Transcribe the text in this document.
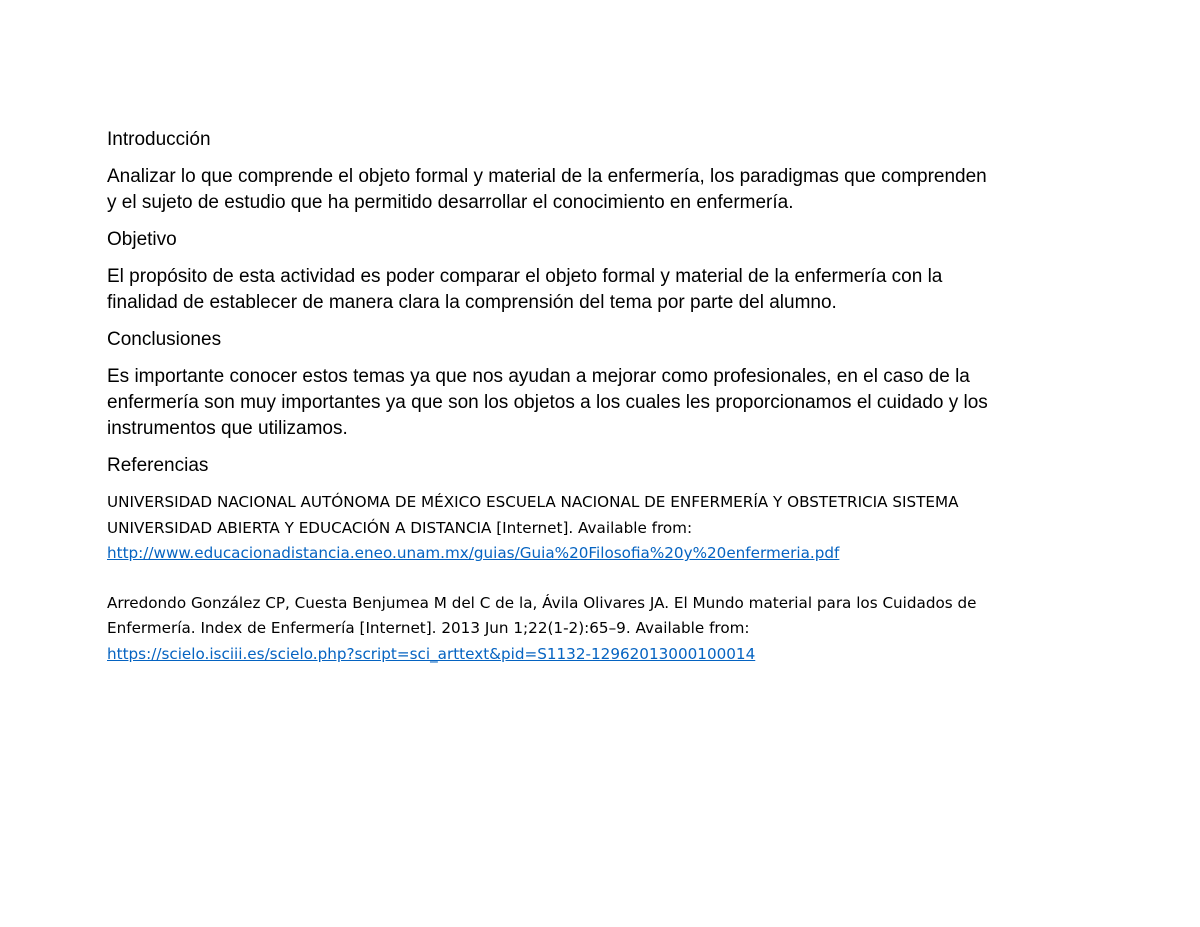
Introducción

Analizar lo que comprende el objeto formal y material de la enfermería, los paradigmas que comprenden
y el sujeto de estudio que ha permitido desarrollar el conocimiento en enfermería.

Objetivo

El propósito de esta actividad es poder comparar el objeto formal y material de la enfermería con la
finalidad de establecer de manera clara la comprensión del tema por parte del alumno.

Conclusiones

Es importante conocer estos temas ya que nos ayudan a mejorar como profesionales, en el caso de la
enfermería son muy importantes ya que son los objetos a los cuales les proporcionamos el cuidado y los
instrumentos que utilizamos.

Referencias

UNIVERSIDAD NACIONAL AUTÓNOMA DE MÉXICO ESCUELA NACIONAL DE ENFERMERÍA Y OBSTETRICIA SISTEMA
UNIVERSIDAD ABIERTA Y EDUCACIÓN A DISTANCIA [Internet]. Available from:
http://www.educacionadistancia.eneo.unam.mx/guias/Guia%20Filosofia%20y%20enfermeria.pdf
Arredondo González CP, Cuesta Benjumea M del C de la, Ávila Olivares JA. El Mundo material para los Cuidados de
Enfermería. Index de Enfermería [Internet]. 2013 Jun 1;22(1-2):65–9. Available from:
https://scielo.isciii.es/scielo.php?script=sci_arttext&pid=S1132-12962013000100014
